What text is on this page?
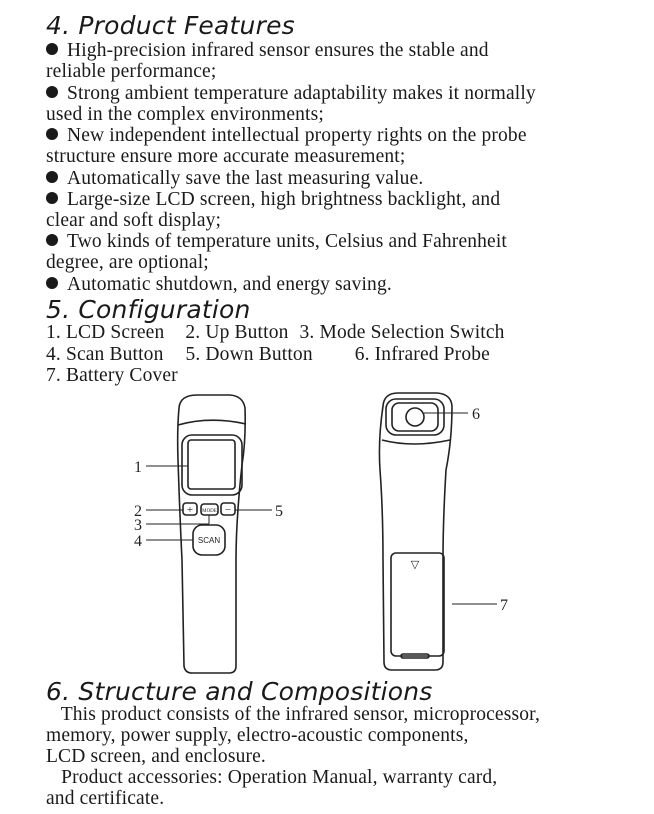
4. Product Features
High-precision infrared sensor ensures the stable and
reliable performance;
Strong ambient temperature adaptability makes it normally
used in the complex environments;
New independent intellectual property rights on the probe
structure ensure more accurate measurement;
Automatically save the last measuring value.
Large-size LCD screen, high brightness backlight, and
clear and soft display;
Two kinds of temperature units, Celsius and Fahrenheit
degree, are optional;
Automatic shutdown, and energy saving.
5. Configuration
1. LCD Screen 2. Up Button 3. Mode Selection Switch
4. Scan Button 5. Down Button 6. Infrared Probe
7. Battery Cover
+ MODE −
SCAN
1
2
3
4
5
▽
6
7
6. Structure and Compositions
This product consists of the infrared sensor, microprocessor,
memory, power supply, electro-acoustic components,
LCD screen, and enclosure.
Product accessories: Operation Manual, warranty card,
and certificate.
